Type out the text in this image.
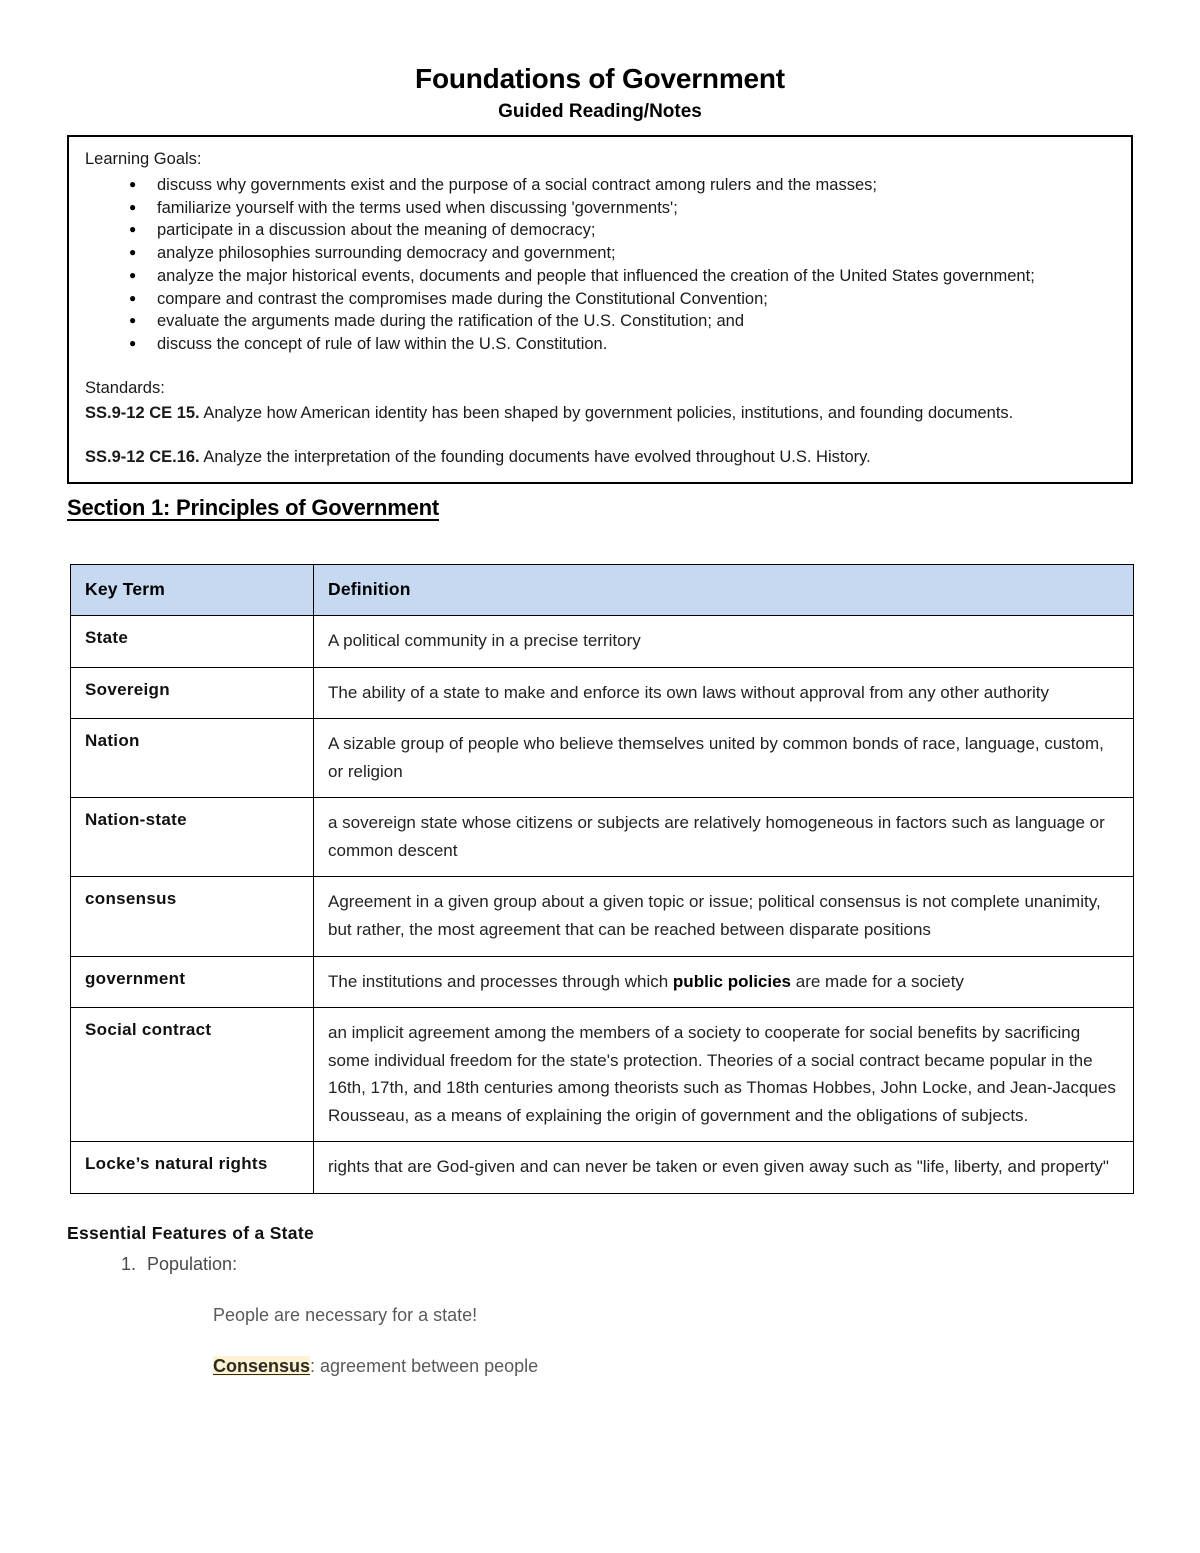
Foundations of Government
Guided Reading/Notes
Learning Goals:
● discuss why governments exist and the purpose of a social contract among rulers and the masses;
● familiarize yourself with the terms used when discussing 'governments';
● participate in a discussion about the meaning of democracy;
● analyze philosophies surrounding democracy and government;
● analyze the major historical events, documents and people that influenced the creation of the United States government;
● compare and contrast the compromises made during the Constitutional Convention;
● evaluate the arguments made during the ratification of the U.S. Constitution; and
● discuss the concept of rule of law within the U.S. Constitution.
Standards:
SS.9-12 CE 15. Analyze how American identity has been shaped by government policies, institutions, and founding documents.
SS.9-12 CE.16. Analyze the interpretation of the founding documents have evolved throughout U.S. History.
Section 1: Principles of Government
Key Term	Definition
State	A political community in a precise territory
Sovereign	The ability of a state to make and enforce its own laws without approval from any other authority
Nation	A sizable group of people who believe themselves united by common bonds of race, language, custom, or religion
Nation-state	a sovereign state whose citizens or subjects are relatively homogeneous in factors such as language or common descent
consensus	Agreement in a given group about a given topic or issue; political consensus is not complete unanimity, but rather, the most agreement that can be reached between disparate positions
government	The institutions and processes through which public policies are made for a society
Social contract	an implicit agreement among the members of a society to cooperate for social benefits by sacrificing some individual freedom for the state's protection. Theories of a social contract became popular in the 16th, 17th, and 18th centuries among theorists such as Thomas Hobbes, John Locke, and Jean-Jacques Rousseau, as a means of explaining the origin of government and the obligations of subjects.
Locke’s natural rights	rights that are God-given and can never be taken or even given away such as "life, liberty, and property"
Essential Features of a State
1. Population:
People are necessary for a state!
Consensus: agreement between people
